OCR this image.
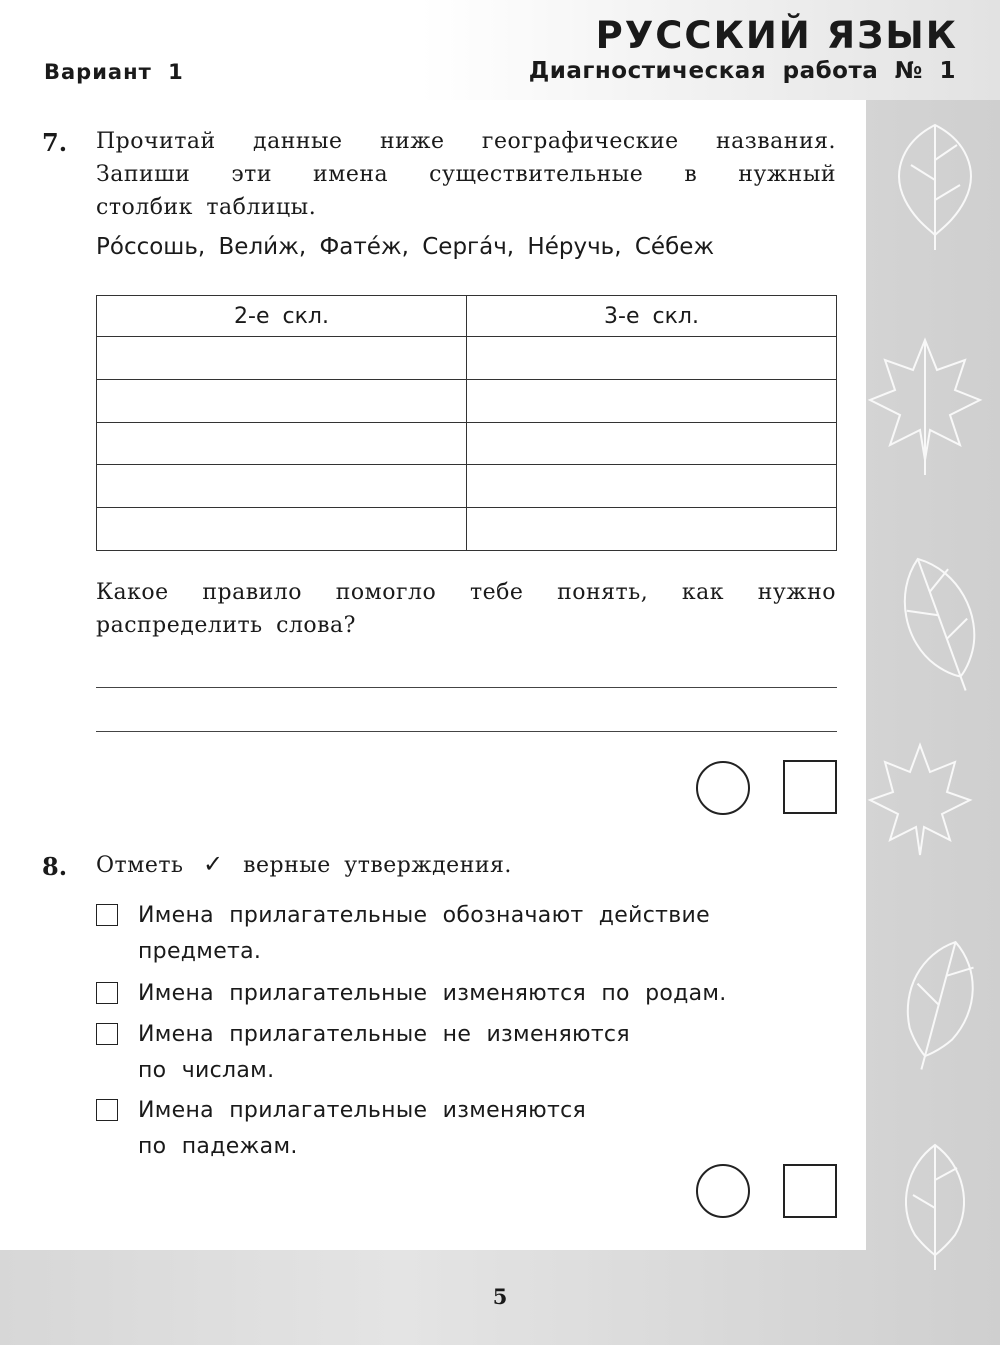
РУССКИЙ ЯЗЫК
Вариант 1	Диагностическая работа № 1
7. Прочитай данные ниже географические названия.
Запиши эти имена существительные в нужный
столбик таблицы.
Ро́ссошь, Вели́ж, Фатéж, Сергáч, Нéручь, Сéбеж
2-е скл.	3-е скл.

Какое правило помогло тебе понять, как нужно
распределить слова?
8. Отметь ✓ верные утверждения.
Имена прилагательные обозначают действие
предмета.
Имена прилагательные изменяются по родам.
Имена прилагательные не изменяются
по числам.
Имена прилагательные изменяются
по падежам.
5
